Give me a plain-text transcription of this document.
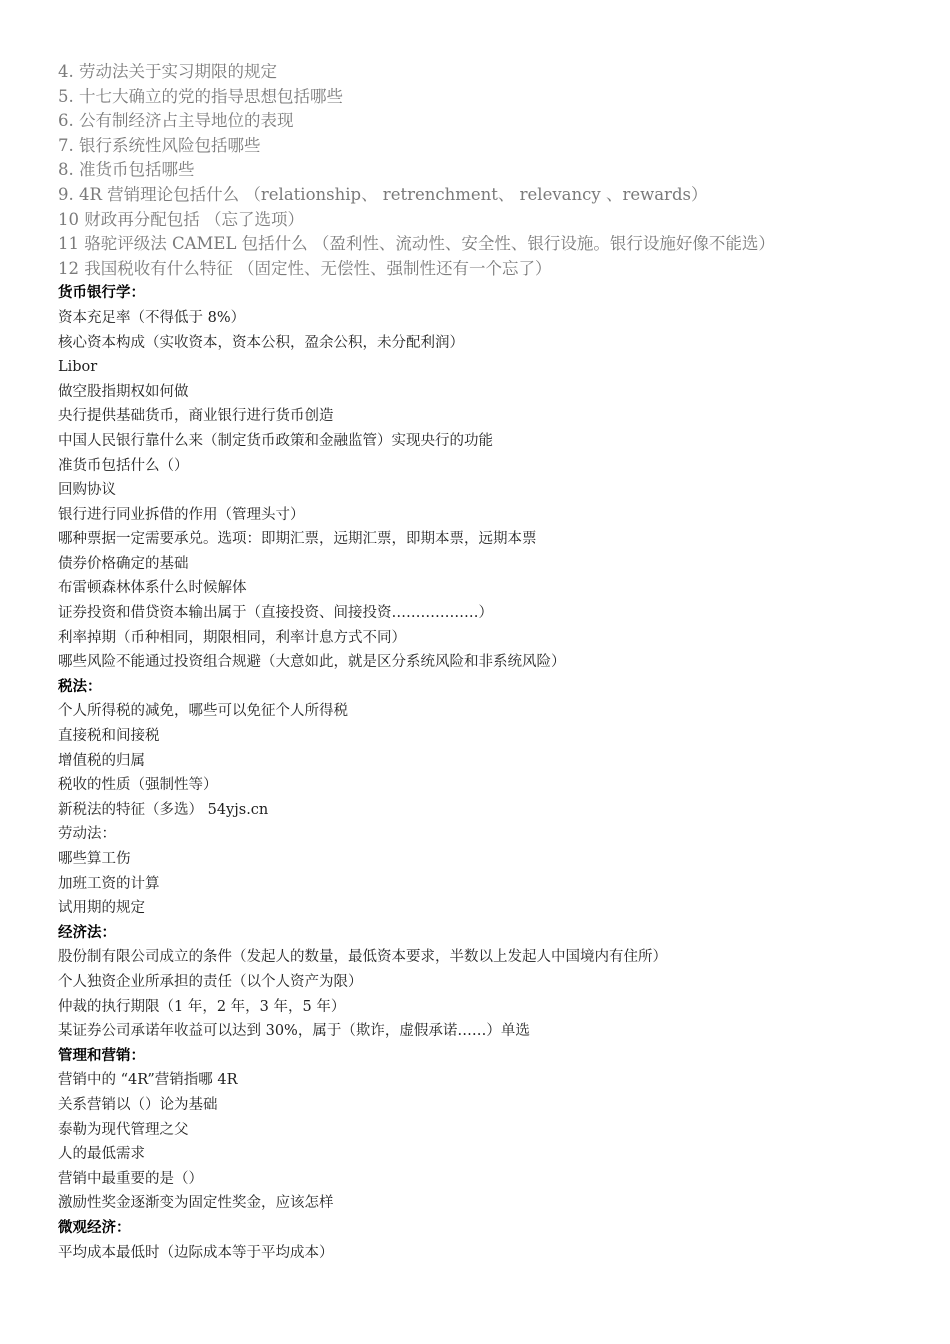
4. 劳动法关于实习期限的规定
5. 十七大确立的党的指导思想包括哪些
6. 公有制经济占主导地位的表现
7. 银行系统性风险包括哪些
8. 准货币包括哪些
9. 4R 营销理论包括什么 （relationship、 retrenchment、 relevancy 、rewards）
10 财政再分配包括 （忘了选项）
11 骆驼评级法 CAMEL 包括什么 （盈利性、流动性、安全性、银行设施。银行设施好像不能选）
12 我国税收有什么特征 （固定性、无偿性、强制性还有一个忘了）
货币银行学：
资本充足率（不得低于 8%）
核心资本构成（实收资本，资本公积，盈余公积，未分配利润）
Libor
做空股指期权如何做
央行提供基础货币，商业银行进行货币创造
中国人民银行靠什么来（制定货币政策和金融监管）实现央行的功能
准货币包括什么（）
回购协议
银行进行同业拆借的作用（管理头寸）
哪种票据一定需要承兑。选项：即期汇票，远期汇票，即期本票，远期本票
债券价格确定的基础
布雷顿森林体系什么时候解体
证券投资和借贷资本输出属于（直接投资、间接投资………………）
利率掉期（币种相同，期限相同，利率计息方式不同）
哪些风险不能通过投资组合规避（大意如此，就是区分系统风险和非系统风险）
税法：
个人所得税的减免，哪些可以免征个人所得税
直接税和间接税
增值税的归属
税收的性质（强制性等）
新税法的特征（多选） 54yjs.cn
劳动法：
哪些算工伤
加班工资的计算
试用期的规定
经济法：
股份制有限公司成立的条件（发起人的数量，最低资本要求，半数以上发起人中国境内有住所）
个人独资企业所承担的责任（以个人资产为限）
仲裁的执行期限（1 年，2 年，3 年，5 年）
某证券公司承诺年收益可以达到 30%，属于（欺诈，虚假承诺……）单选
管理和营销：
营销中的 “4R”营销指哪 4R
关系营销以（）论为基础
泰勒为现代管理之父
人的最低需求
营销中最重要的是（）
激励性奖金逐渐变为固定性奖金，应该怎样
微观经济：
平均成本最低时（边际成本等于平均成本）
